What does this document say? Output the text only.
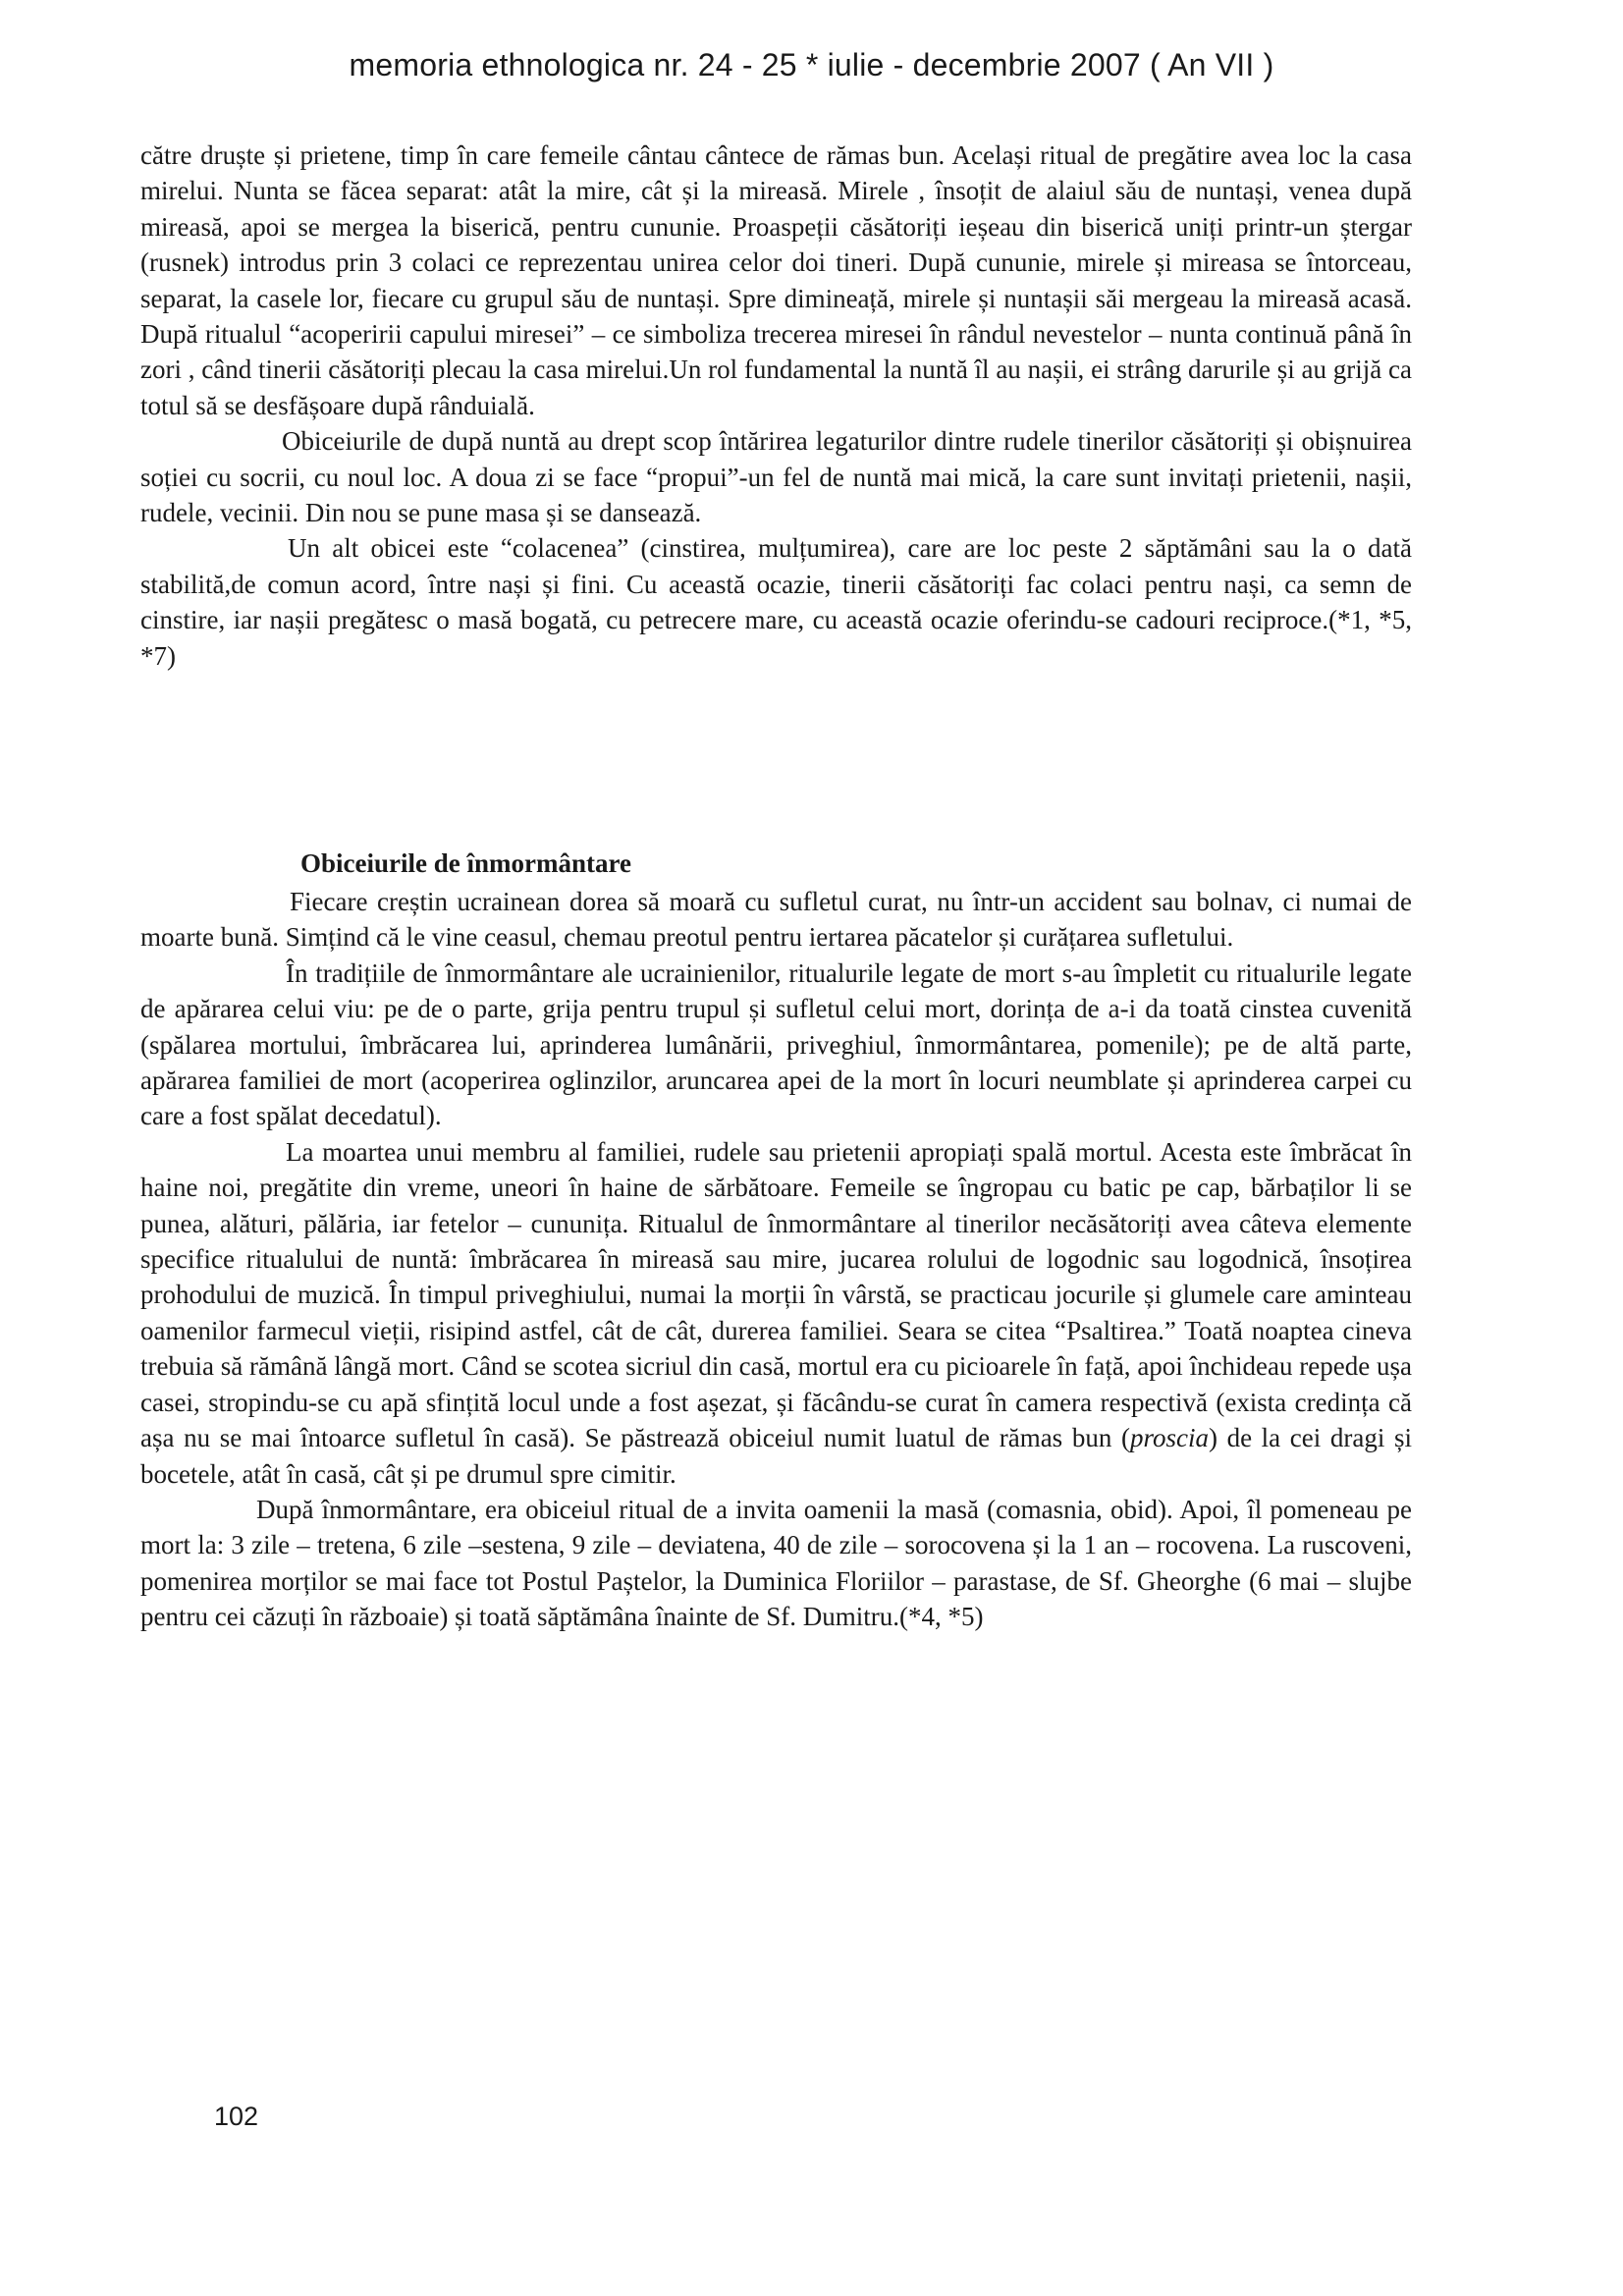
memoria ethnologica nr. 24 - 25 * iulie - decembrie 2007 ( An VII )

către druște și prietene, timp în care femeile cântau cântece de rămas bun. Același ritual de pregătire avea loc la casa mirelui. Nunta se făcea separat: atât la mire, cât și la mireasă. Mirele , însoțit de alaiul său de nuntași, venea după mireasă, apoi se mergea la biserică, pentru cununie. Proaspeții căsătoriți ieșeau din biserică uniți printr-un ștergar (rusnek) introdus prin 3 colaci ce reprezentau unirea celor doi tineri. După cununie, mirele și mireasa se întorceau, separat, la casele lor, fiecare cu grupul său de nuntași. Spre dimineață, mirele și nuntașii săi mergeau la mireasă acasă. După ritualul “acoperirii capului miresei” – ce simboliza trecerea miresei în rândul nevestelor – nunta continuă până în zori , când tinerii căsătoriți plecau la casa mirelui.Un rol fundamental la nuntă îl au nașii, ei strâng darurile și au grijă ca totul să se desfășoare după rânduială.

Obiceiurile de după nuntă au drept scop întărirea legaturilor dintre rudele tinerilor căsătoriți și obișnuirea soției cu socrii, cu noul loc. A doua zi se face “propui”-un fel de nuntă mai mică, la care sunt invitați prietenii, nașii, rudele, vecinii. Din nou se pune masa și se dansează.

Un alt obicei este “colacenea” (cinstirea, mulțumirea), care are loc peste 2 săptămâni sau la o dată stabilită,de comun acord, între nași și fini. Cu această ocazie, tinerii căsătoriți fac colaci pentru nași, ca semn de cinstire, iar nașii pregătesc o masă bogată, cu petrecere mare, cu această ocazie oferindu-se cadouri reciproce.(*1, *5, *7)

Obiceiurile de înmormântare

Fiecare creștin ucrainean dorea să moară cu sufletul curat, nu într-un accident sau bolnav, ci numai de moarte bună. Simțind că le vine ceasul, chemau preotul pentru iertarea păcatelor și curățarea sufletului.

În tradițiile de înmormântare ale ucrainienilor, ritualurile legate de mort s-au împletit cu ritualurile legate de apărarea celui viu: pe de o parte, grija pentru trupul și sufletul celui mort, dorința de a-i da toată cinstea cuvenită (spălarea mortului, îmbrăcarea lui, aprinderea lumânării, priveghiul, înmormântarea, pomenile); pe de altă parte, apărarea familiei de mort (acoperirea oglinzilor, aruncarea apei de la mort în locuri neumblate și aprinderea carpei cu care a fost spălat decedatul).

La moartea unui membru al familiei, rudele sau prietenii apropiați spală mortul. Acesta este îmbrăcat în haine noi, pregătite din vreme, uneori în haine de sărbătoare. Femeile se îngropau cu batic pe cap, bărbaților li se punea, alături, pălăria, iar fetelor – cununița. Ritualul de înmormântare al tinerilor necăsătoriți avea câteva elemente specifice ritualului de nuntă: îmbrăcarea în mireasă sau mire, jucarea rolului de logodnic sau logodnică, însoțirea prohodului de muzică. În timpul priveghiului, numai la morții în vârstă, se practicau jocurile și glumele care aminteau oamenilor farmecul vieții, risipind astfel, cât de cât, durerea familiei. Seara se citea “Psaltirea.” Toată noaptea cineva trebuia să rămână lângă mort. Când se scotea sicriul din casă, mortul era cu picioarele în față, apoi închideau repede ușa casei, stropindu-se cu apă sfințită locul unde a fost așezat, și făcându-se curat în camera respectivă (exista credința că așa nu se mai întoarce sufletul în casă). Se păstrează obiceiul numit luatul de rămas bun (proscia) de la cei dragi și bocetele, atât în casă, cât și pe drumul spre cimitir.

După înmormântare, era obiceiul ritual de a invita oamenii la masă (comasnia, obid). Apoi, îl pomeneau pe mort la: 3 zile – tretena, 6 zile –sestena, 9 zile – deviatena, 40 de zile – sorocovena și la 1 an – rocovena. La ruscoveni, pomenirea morților se mai face tot Postul Paștelor, la Duminica Floriilor – parastase, de Sf. Gheorghe (6 mai – slujbe pentru cei căzuți în războaie) și toată săptămâna înainte de Sf. Dumitru.(*4, *5)

102
